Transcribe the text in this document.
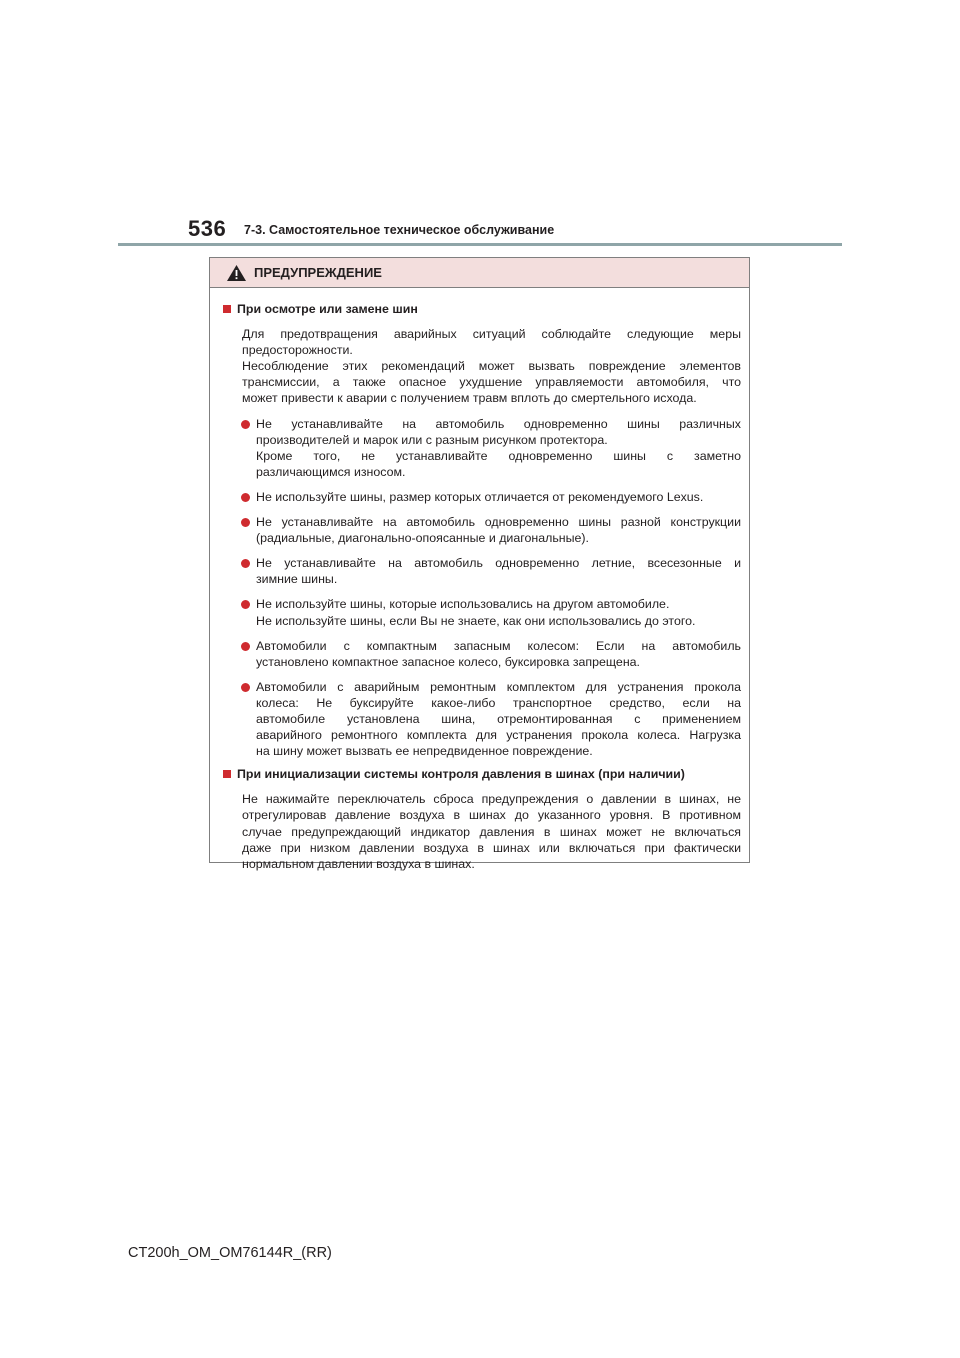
536 7-3. Самостоятельное техническое обслуживание
ПРЕДУПРЕЖДЕНИЕ
При осмотре или замене шин
Для предотвращения аварийных ситуаций соблюдайте следующие меры
предосторожности.
Несоблюдение этих рекомендаций может вызвать повреждение элементов
трансмиссии, а также опасное ухудшение управляемости автомобиля, что
может привести к аварии с получением травм вплоть до смертельного исхода.
Не устанавливайте на автомобиль одновременно шины различных
производителей и марок или с разным рисунком протектора.
Кроме того, не устанавливайте одновременно шины с заметно
различающимся износом.
Не используйте шины, размер которых отличается от рекомендуемого Lexus.
Не устанавливайте на автомобиль одновременно шины разной конструкции
(радиальные, диагонально-опоясанные и диагональные).
Не устанавливайте на автомобиль одновременно летние, всесезонные и
зимние шины.
Не используйте шины, которые использовались на другом автомобиле.
Не используйте шины, если Вы не знаете, как они использовались до этого.
Автомобили с компактным запасным колесом: Если на автомобиль
установлено компактное запасное колесо, буксировка запрещена.
Автомобили с аварийным ремонтным комплектом для устранения прокола
колеса: Не буксируйте какое-либо транспортное средство, если на
автомобиле установлена шина, отремонтированная с применением
аварийного ремонтного комплекта для устранения прокола колеса. Нагрузка
на шину может вызвать ее непредвиденное повреждение.
При инициализации системы контроля давления в шинах (при наличии)
Не нажимайте переключатель сброса предупреждения о давлении в шинах, не
отрегулировав давление воздуха в шинах до указанного уровня. В противном
случае предупреждающий индикатор давления в шинах может не включаться
даже при низком давлении воздуха в шинах или включаться при фактически
нормальном давлении воздуха в шинах.
CT200h_OM_OM76144R_(RR)
